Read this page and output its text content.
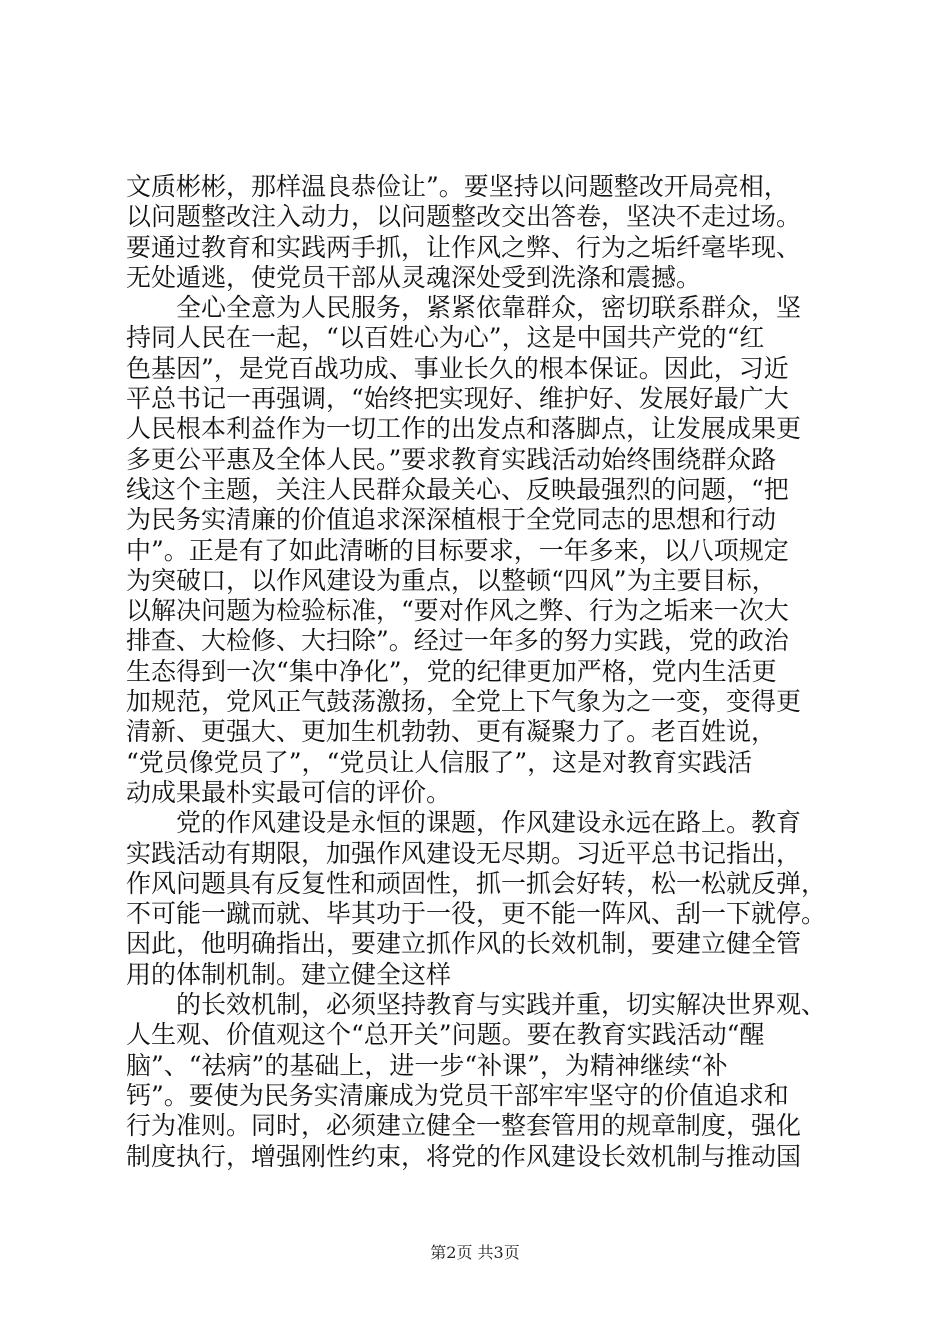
文质彬彬，那样温良恭俭让”。要坚持以问题整改开局亮相，
以问题整改注入动力，以问题整改交出答卷，坚决不走过场。
要通过教育和实践两手抓，让作风之弊、行为之垢纤毫毕现、
无处遁逃，使党员干部从灵魂深处受到洗涤和震撼。
全心全意为人民服务，紧紧依靠群众，密切联系群众，坚
持同人民在一起，“以百姓心为心”，这是中国共产党的“红
色基因”，是党百战功成、事业长久的根本保证。因此，习近
平总书记一再强调，“始终把实现好、维护好、发展好最广大
人民根本利益作为一切工作的出发点和落脚点，让发展成果更
多更公平惠及全体人民。”要求教育实践活动始终围绕群众路
线这个主题，关注人民群众最关心、反映最强烈的问题，“把
为民务实清廉的价值追求深深植根于全党同志的思想和行动
中”。正是有了如此清晰的目标要求，一年多来，以八项规定
为突破口，以作风建设为重点，以整顿“四风”为主要目标，
以解决问题为检验标准，“要对作风之弊、行为之垢来一次大
排查、大检修、大扫除”。经过一年多的努力实践，党的政治
生态得到一次“集中净化”，党的纪律更加严格，党内生活更
加规范，党风正气鼓荡激扬，全党上下气象为之一变，变得更
清新、更强大、更加生机勃勃、更有凝聚力了。老百姓说，
“党员像党员了”，“党员让人信服了”，这是对教育实践活
动成果最朴实最可信的评价。
党的作风建设是永恒的课题，作风建设永远在路上。教育
实践活动有期限，加强作风建设无尽期。习近平总书记指出，
作风问题具有反复性和顽固性，抓一抓会好转，松一松就反弹，
不可能一蹴而就、毕其功于一役，更不能一阵风、刮一下就停。
因此，他明确指出，要建立抓作风的长效机制，要建立健全管
用的体制机制。建立健全这样
的长效机制，必须坚持教育与实践并重，切实解决世界观、
人生观、价值观这个“总开关”问题。要在教育实践活动“醒
脑”、“祛病”的基础上，进一步“补课”，为精神继续“补
钙”。要使为民务实清廉成为党员干部牢牢坚守的价值追求和
行为准则。同时，必须建立健全一整套管用的规章制度，强化
制度执行，增强刚性约束，将党的作风建设长效机制与推动国
第2页 共3页
